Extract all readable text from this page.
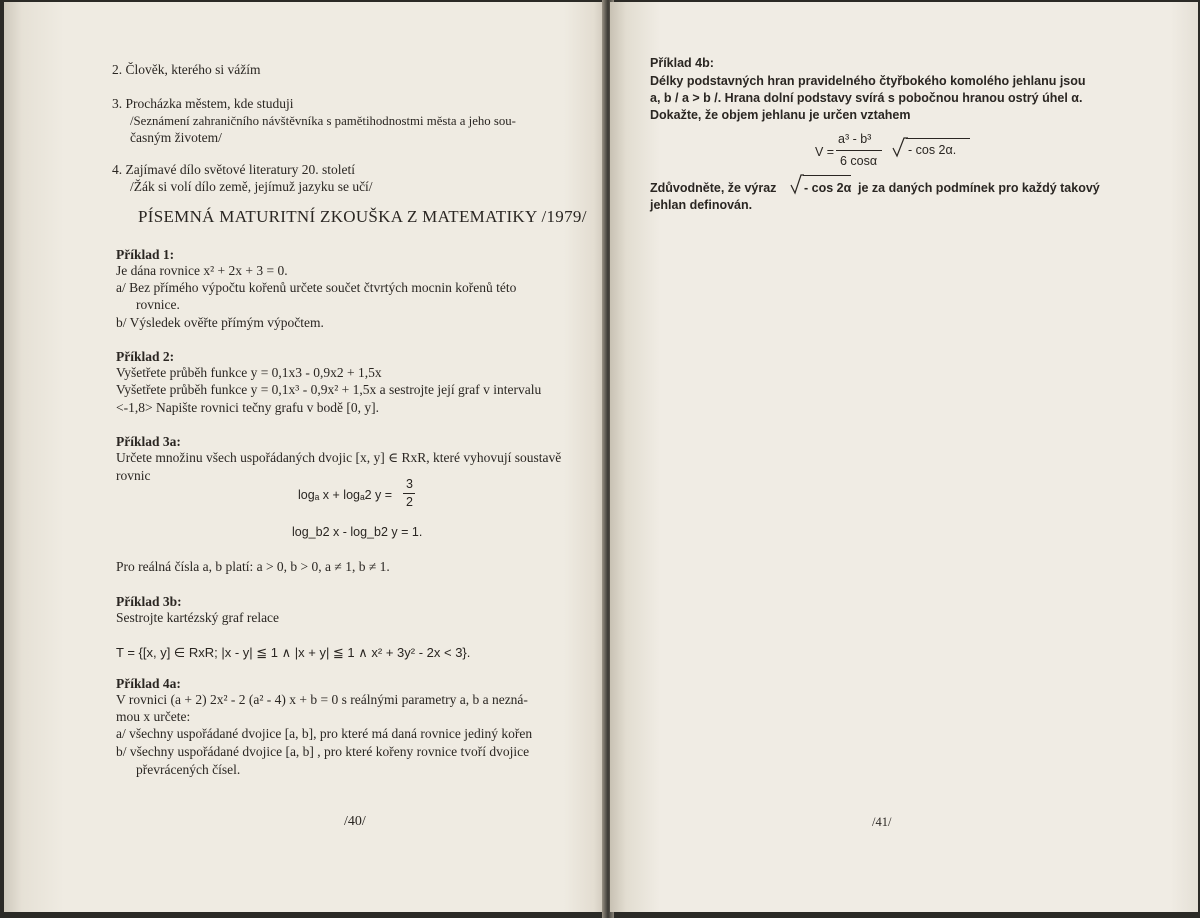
2. Člověk, kterého si vážím
3. Procházka městem, kde studuji
/Seznámení zahraničního návštěvníka s pamětihodnostmi města a jeho sou-
časným životem/
4. Zajímavé dílo světové literatury 20. století
/Žák si volí dílo země, jejímuž jazyku se učí/
PÍSEMNÁ MATURITNÍ ZKOUŠKA Z MATEMATIKY /1979/
Příklad 1:
Je dána rovnice x² + 2x + 3 = 0.
a/ Bez přímého výpočtu kořenů určete součet čtvrtých mocnin kořenů této
rovnice.
b/ Výsledek ověřte přímým výpočtem.
Příklad 2:
Vyšetřete průběh funkce y = 0,1x3 - 0,9x2 + 1,5x
Vyšetřete průběh funkce y = 0,1x³ - 0,9x² + 1,5x a sestrojte její graf v intervalu
<-1,8> Napište rovnici tečny grafu v bodě [0, y].
Příklad 3a:
Určete množinu všech uspořádaných dvojic [x, y] ∈ RxR, které vyhovují soustavě
rovnic
logₐ x + logₐ2 y =
3
2
log_b2 x - log_b2 y = 1.
Pro reálná čísla a, b platí: a > 0, b > 0, a ≠ 1, b ≠ 1.
Příklad 3b:
Sestrojte kartézský graf relace
T = {[x, y] ∈ RxR; |x - y| ≦ 1 ∧ |x + y| ≦ 1 ∧ x² + 3y² - 2x < 3}.
Příklad 4a:
V rovnici (a + 2) 2x² - 2 (a² - 4) x + b = 0 s reálnými parametry a, b a nezná-
mou x určete:
a/ všechny uspořádané dvojice [a, b], pro které má daná rovnice jediný kořen
b/ všechny uspořádané dvojice [a, b] , pro které kořeny rovnice tvoří dvojice
převrácených čísel.
/40/
Příklad 4b:
Délky podstavných hran pravidelného čtyřbokého komolého jehlanu jsou
a, b / a > b /. Hrana dolní podstavy svírá s pobočnou hranou ostrý úhel α.
Dokažte, že objem jehlanu je určen vztahem
V =
a³ - b³
6 cosα
- cos 2α.
Zdůvodněte, že výraz - cos 2α je za daných podmínek pro každý takový
jehlan definován.
/41/
